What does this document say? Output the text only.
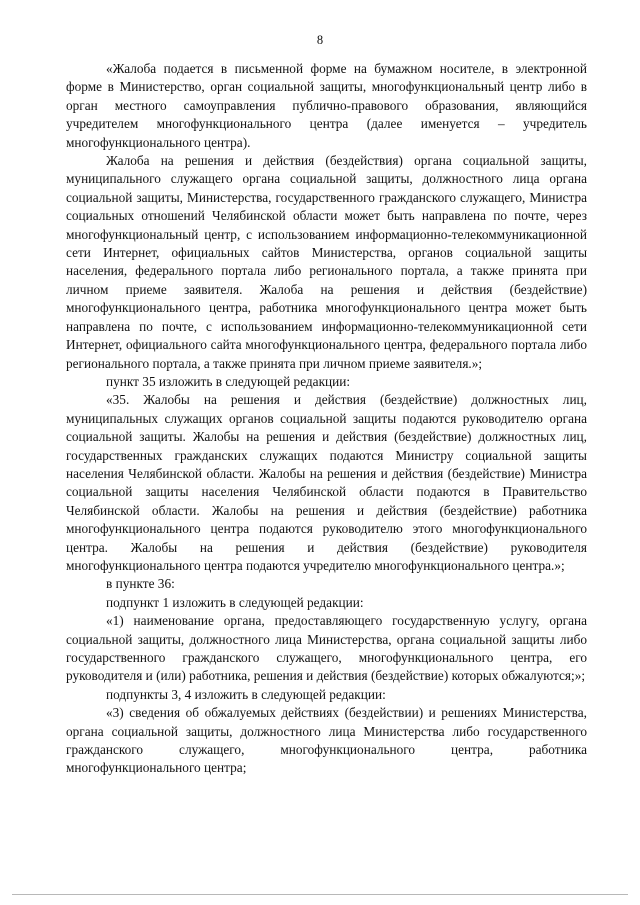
8

«Жалоба подается в письменной форме на бумажном носителе, в электронной форме в Министерство, орган социальной защиты, многофункциональный центр либо в орган местного самоуправления публично-правового образования, являющийся учредителем многофункционального центра (далее именуется – учредитель многофункционального центра).

Жалоба на решения и действия (бездействия) органа социальной защиты, муниципального служащего органа социальной защиты, должностного лица органа социальной защиты, Министерства, государственного гражданского служащего, Министра социальных отношений Челябинской области может быть направлена по почте, через многофункциональный центр, с использованием информационно-телекоммуникационной сети Интернет, официальных сайтов Министерства, органов социальной защиты населения, федерального портала либо регионального портала, а также принята при личном приеме заявителя. Жалоба на решения и действия (бездействие) многофункционального центра, работника многофункционального центра может быть направлена по почте, с использованием информационно-телекоммуникационной сети Интернет, официального сайта многофункционального центра, федерального портала либо регионального портала, а также принята при личном приеме заявителя.»;

пункт 35 изложить в следующей редакции:

«35. Жалобы на решения и действия (бездействие) должностных лиц, муниципальных служащих органов социальной защиты подаются руководителю органа социальной защиты. Жалобы на решения и действия (бездействие) должностных лиц, государственных гражданских служащих подаются Министру социальной защиты населения Челябинской области. Жалобы на решения и действия (бездействие) Министра социальной защиты населения Челябинской области подаются в Правительство Челябинской области. Жалобы на решения и действия (бездействие) работника многофункционального центра подаются руководителю этого многофункционального центра. Жалобы на решения и действия (бездействие) руководителя многофункционального центра подаются учредителю многофункционального центра.»;

в пункте 36:

подпункт 1 изложить в следующей редакции:

«1) наименование органа, предоставляющего государственную услугу, органа социальной защиты, должностного лица Министерства, органа социальной защиты либо государственного гражданского служащего, многофункционального центра, его руководителя и (или) работника, решения и действия (бездействие) которых обжалуются;»;

подпункты 3, 4 изложить в следующей редакции:

«3) сведения об обжалуемых действиях (бездействии) и решениях Министерства, органа социальной защиты, должностного лица Министерства либо государственного гражданского служащего, многофункционального центра, работника многофункционального центра;
